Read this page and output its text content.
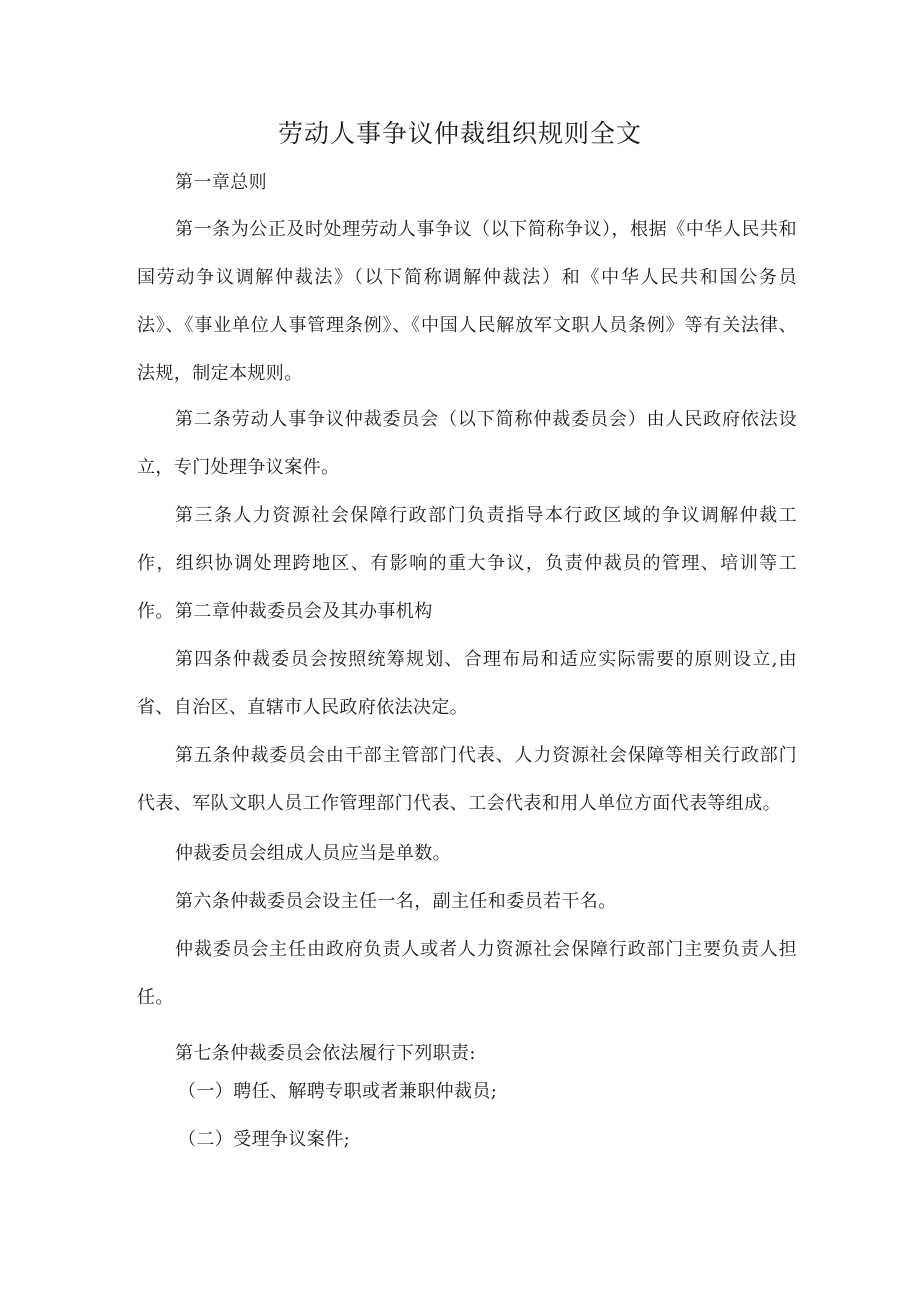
劳动人事争议仲裁组织规则全文

第一章总则

第一条为公正及时处理劳动人事争议（以下简称争议），根据《中华人民共和国劳动争议调解仲裁法》（以下简称调解仲裁法）和《中华人民共和国公务员法》、《事业单位人事管理条例》、《中国人民解放军文职人员条例》等有关法律、法规，制定本规则。

第二条劳动人事争议仲裁委员会（以下简称仲裁委员会）由人民政府依法设立，专门处理争议案件。

第三条人力资源社会保障行政部门负责指导本行政区域的争议调解仲裁工作，组织协调处理跨地区、有影响的重大争议，负责仲裁员的管理、培训等工作。 第二章仲裁委员会及其办事机构

第四条仲裁委员会按照统筹规划、合理布局和适应实际需要的原则设立,由省、自治区、直辖市人民政府依法决定。

第五条仲裁委员会由干部主管部门代表、人力资源社会保障等相关行政部门代表、军队文职人员工作管理部门代表、工会代表和用人单位方面代表等组成。

仲裁委员会组成人员应当是单数。

第六条仲裁委员会设主任一名，副主任和委员若干名。

仲裁委员会主任由政府负责人或者人力资源社会保障行政部门主要负责人担任。

第七条仲裁委员会依法履行下列职责:

（一）聘任、解聘专职或者兼职仲裁员;

（二）受理争议案件;
